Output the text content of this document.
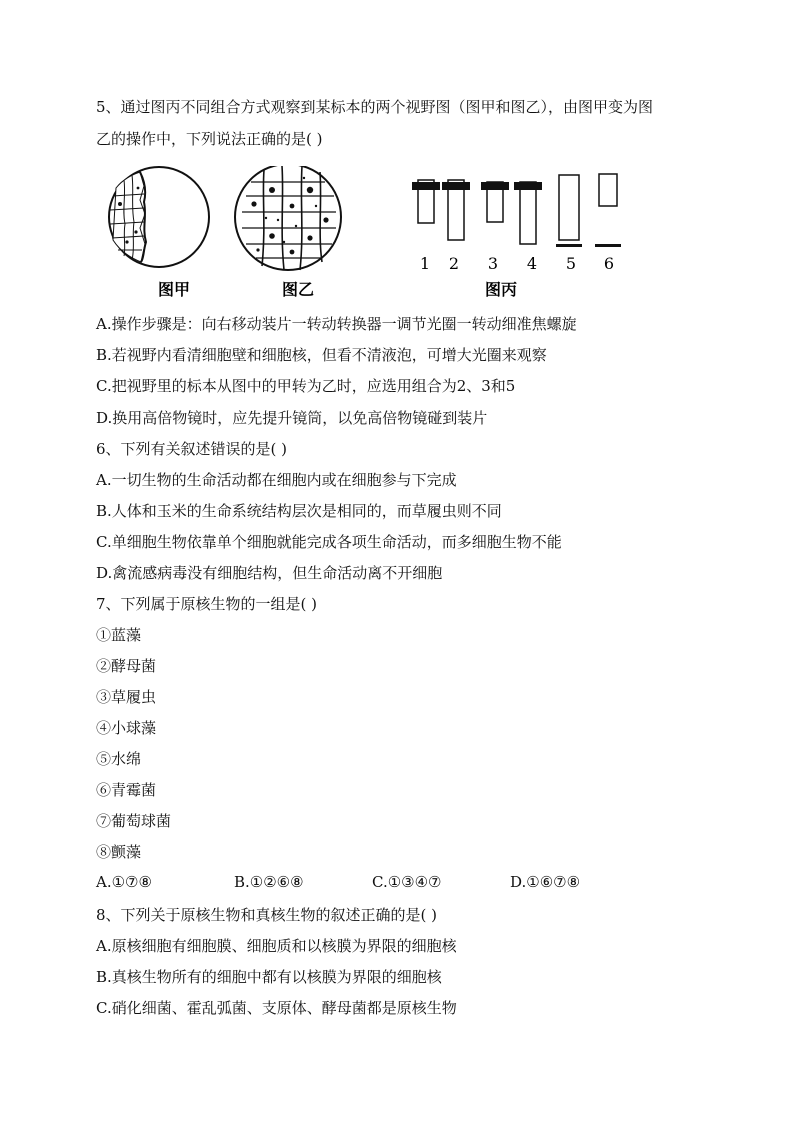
5、通过图丙不同组合方式观察到某标本的两个视野图（图甲和图乙），由图甲变为图
乙的操作中，下列说法正确的是( )
1 2 3 4 5 6
图甲	图乙	图丙
A.操作步骤是：向右移动装片一转动转换器一调节光圈一转动细准焦螺旋
B.若视野内看清细胞壁和细胞核，但看不清液泡，可增大光圈来观察
C.把视野里的标本从图中的甲转为乙时，应选用组合为2、3和5
D.换用高倍物镜时，应先提升镜筒，以免高倍物镜碰到装片
6、下列有关叙述错误的是( )
A.一切生物的生命活动都在细胞内或在细胞参与下完成
B.人体和玉米的生命系统结构层次是相同的，而草履虫则不同
C.单细胞生物依靠单个细胞就能完成各项生命活动，而多细胞生物不能
D.禽流感病毒没有细胞结构，但生命活动离不开细胞
7、下列属于原核生物的一组是( )
①蓝藻
②酵母菌
③草履虫
④小球藻
⑤水绵
⑥青霉菌
⑦葡萄球菌
⑧颤藻
A.①⑦⑧	B.①②⑥⑧	C.①③④⑦	D.①⑥⑦⑧
8、下列关于原核生物和真核生物的叙述正确的是( )
A.原核细胞有细胞膜、细胞质和以核膜为界限的细胞核
B.真核生物所有的细胞中都有以核膜为界限的细胞核
C.硝化细菌、霍乱弧菌、支原体、酵母菌都是原核生物
